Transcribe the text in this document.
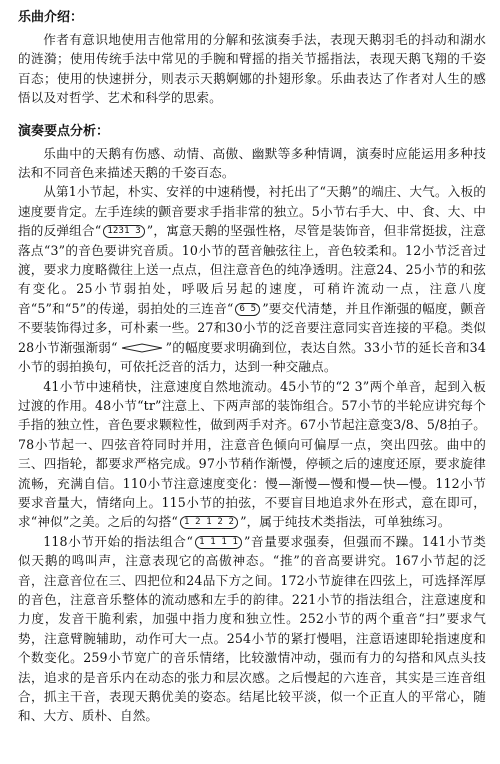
乐曲介绍：

作者有意识地使用吉他常用的分解和弦演奏手法，表现天鹅羽毛的抖动和湖水的涟漪；使用传统手法中常见的手腕和臂摇的指关节摇指法，表现天鹅飞翔的千姿百态；使用的快速拼分，则表示天鹅婀娜的扑翅形象。乐曲表达了作者对人生的感悟以及对哲学、艺术和科学的思索。

演奏要点分析：

乐曲中的天鹅有伤感、动情、高傲、幽默等多种情调，演奏时应能运用多种技法和不同音色来描述天鹅的千姿百态。

从第1小节起，朴实、安祥的中速稍慢，衬托出了“天鹅”的端庄、大气。入板的速度要肯定。左手连续的颤音要求手指非常的独立。5小节右手大、中、食、大、中指的反弹组合“ 1231 3 ”，寓意天鹅的坚强性格，尽管是装饰音，但非常挺拔，注意落点“3”的音色要讲究音质。10小节的琶音触弦往上，音色较柔和。12小节泛音过渡，要求力度略微往上送一点点，但注意音色的纯净透明。注意24、25小节的和弦有变化。25小节弱拍处，呼吸后另起的速度，可稍许流动一点，注意八度音“5”和“5”的传递，弱拍处的三连音“ 6 5 ”要交代清楚，并且作渐强的幅度，颤音不要装饰得过多，可朴素一些。27和30小节的泛音要注意同实音连接的平稳。类似28小节渐强渐弱“	”的幅度要求明确到位，表达自然。33小节的延长音和34小节的弱拍换句，可依托泛音的活力，达到一种交融点。

41小节中速稍快，注意速度自然地流动。45小节的“2 3”两个单音，起到入板过渡的作用。48小节“tr”注意上、下两声部的装饰组合。57小节的半轮应讲究每个手指的独立性，音色要求颗粒性，做到两手对齐。67小节起注意变3/8、5/8拍子。78小节起一、四弦音符同时并用，注意音色倾向可偏厚一点，突出四弦。曲中的三、四指轮，都要求严格完成。97小节稍作渐慢，停顿之后的速度还原，要求旋律流畅，充满自信。110小节注意速度变化：慢—渐慢—慢和慢—快—慢。112小节要求音量大，情绪向上。115小节的拍弦，不要盲目地追求外在形式，意在即可，求“神似”之美。之后的勾搭“ 1 2 1 2 2 ”，属于纯技术类指法，可单独练习。

118小节开始的指法组合“ 1 1 1 1 ”音量要求强奏，但强而不躁。141小节类似天鹅的鸣叫声，注意表现它的高傲神态。“推”的音高要讲究。167小节起的泛音，注意音位在三、四把位和24品下方之间。172小节旋律在四弦上，可选择浑厚的音色，注意音乐整体的流动感和左手的韵律。221小节的指法组合，注意速度和力度，发音干脆利索，加强中指力度和独立性。252小节的两个重音“扫”要求气势，注意臂腕辅助，动作可大一点。254小节的紧打慢唱，注意语速即轮指速度和个数变化。259小节宽广的音乐情绪，比较激情冲动，强而有力的勾搭和风点头技法，追求的是音乐内在动态的张力和层次感。之后慢起的六连音，其实是三连音组合，抓主干音，表现天鹅优美的姿态。结尾比较平淡，似一个正直人的平常心，随和、大方、质朴、自然。
